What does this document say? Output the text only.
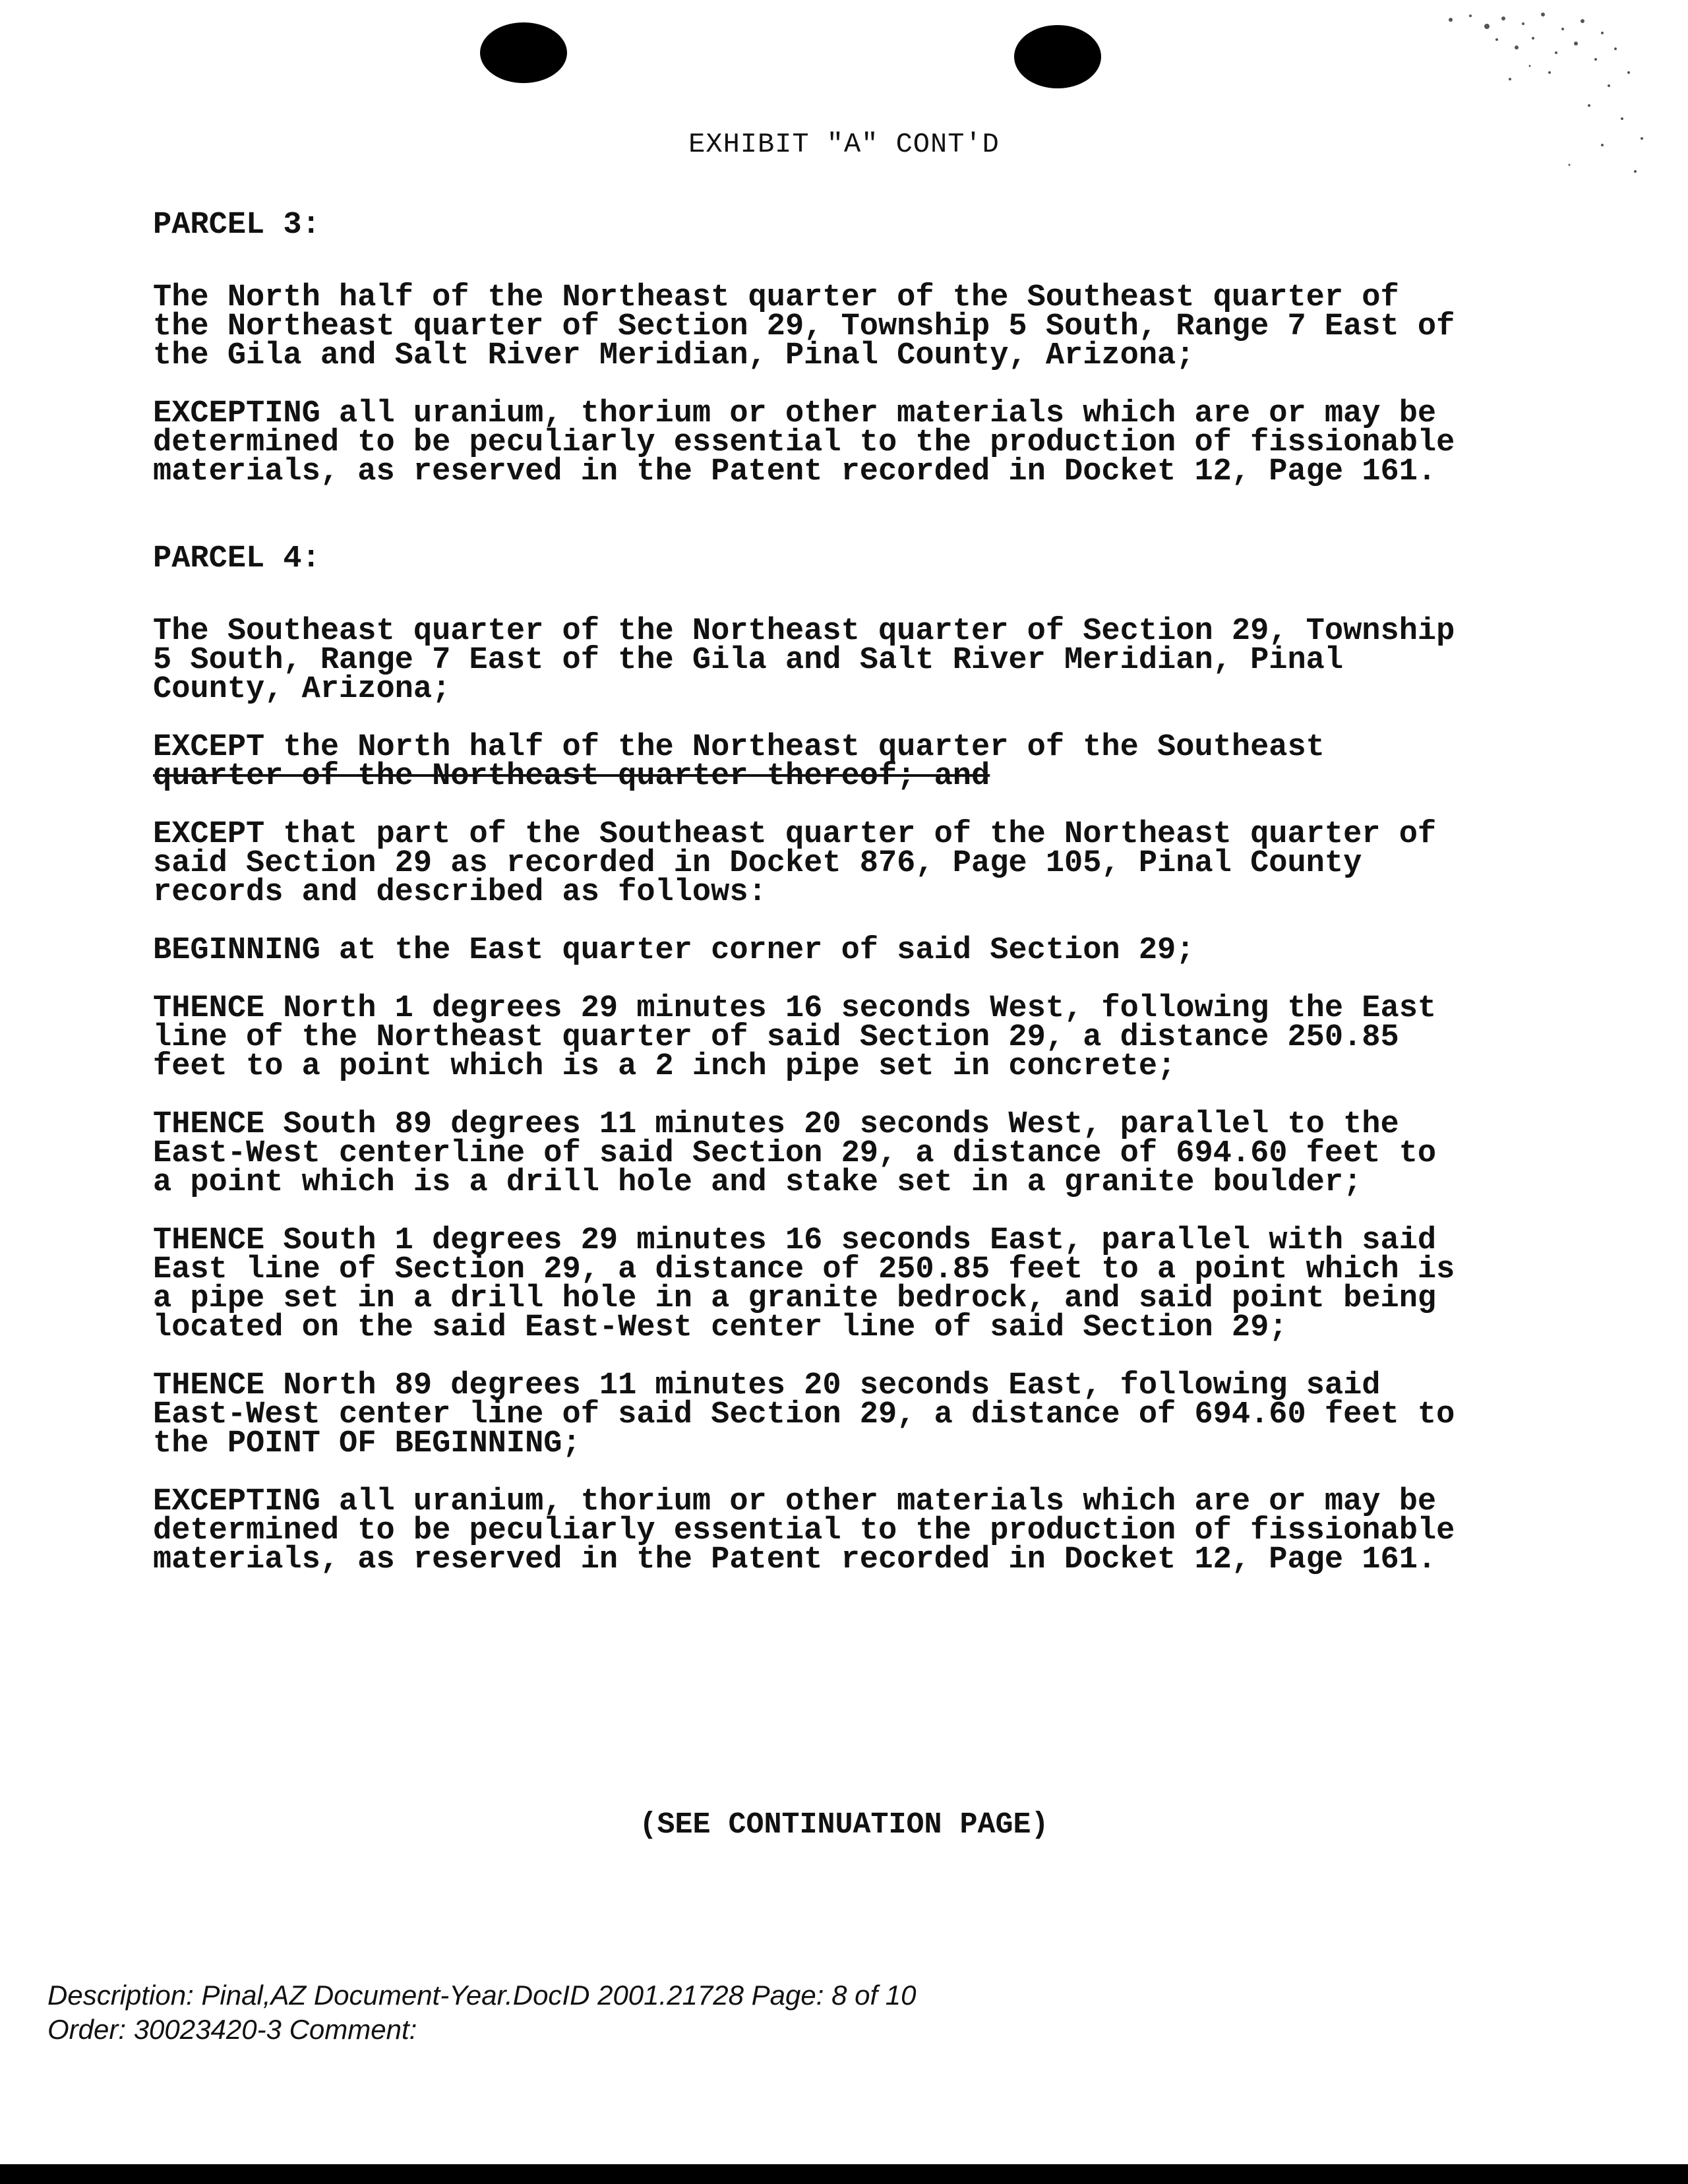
EXHIBIT "A" CONT'D

PARCEL 3:

The North half of the Northeast quarter of the Southeast quarter of the Northeast quarter of Section 29, Township 5 South, Range 7 East of the Gila and Salt River Meridian, Pinal County, Arizona;

EXCEPTING all uranium, thorium or other materials which are or may be determined to be peculiarly essential to the production of fissionable materials, as reserved in the Patent recorded in Docket 12, Page 161.

PARCEL 4:

The Southeast quarter of the Northeast quarter of Section 29, Township 5 South, Range 7 East of the Gila and Salt River Meridian, Pinal County, Arizona;

EXCEPT the North half of the Northeast quarter of the Southeast

quarter of the Northeast quarter thereof; and

EXCEPT that part of the Southeast quarter of the Northeast quarter of said Section 29 as recorded in Docket 876, Page 105, Pinal County records and described as follows:

BEGINNING at the East quarter corner of said Section 29;

THENCE North 1 degrees 29 minutes 16 seconds West, following the East line of the Northeast quarter of said Section 29, a distance 250.85 feet to a point which is a 2 inch pipe set in concrete;

THENCE South 89 degrees 11 minutes 20 seconds West, parallel to the East-West centerline of said Section 29, a distance of 694.60 feet to a point which is a drill hole and stake set in a granite boulder;

THENCE South 1 degrees 29 minutes 16 seconds East, parallel with said East line of Section 29, a distance of 250.85 feet to a point which is a pipe set in a drill hole in a granite bedrock, and said point being located on the said East-West center line of said Section 29;

THENCE North 89 degrees 11 minutes 20 seconds East, following said East-West center line of said Section 29, a distance of 694.60 feet to the POINT OF BEGINNING;

EXCEPTING all uranium, thorium or other materials which are or may be determined to be peculiarly essential to the production of fissionable materials, as reserved in the Patent recorded in Docket 12, Page 161.

(SEE CONTINUATION PAGE)
Description: Pinal,AZ Document-Year.DocID 2001.21728 Page: 8 of 10
Order: 30023420-3 Comment:
